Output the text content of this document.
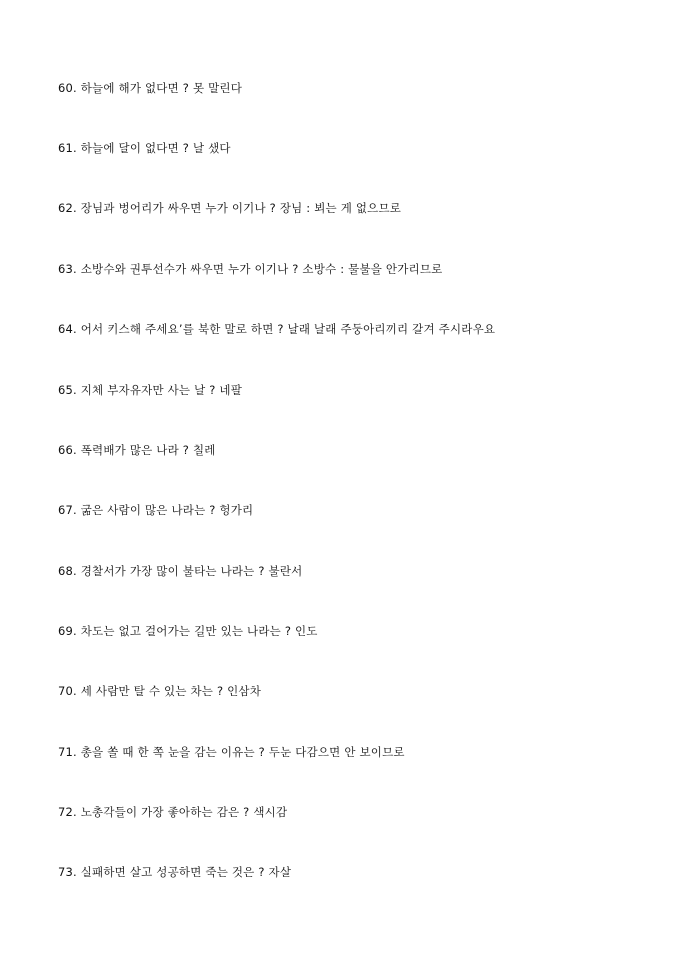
60. 하늘에 해가 없다면 ? 못 말린다
61. 하늘에 달이 없다면 ? 날 샜다
62. 장님과 벙어리가 싸우면 누가 이기나 ? 장님 : 뵈는 게 없으므로
63. 소방수와 권투선수가 싸우면 누가 이기나 ? 소방수 : 물불을 안가리므로
64. 어서 키스해 주세요’를 북한 말로 하면 ? 날래 날래 주둥아리끼리 갈겨 주시라우요
65. 지체 부자유자만 사는 날 ? 네팔
66. 폭력배가 많은 나라 ? 칠레
67. 굶은 사람이 많은 나라는 ? 헝가리
68. 경찰서가 가장 많이 불타는 나라는 ? 불란서
69. 차도는 없고 걸어가는 길만 있는 나라는 ? 인도
70. 세 사람만 탈 수 있는 차는 ? 인삼차
71. 총을 쏠 때 한 쪽 눈을 감는 이유는 ? 두눈 다감으면 안 보이므로
72. 노총각들이 가장 좋아하는 감은 ? 색시감
73. 실패하면 살고 성공하면 죽는 것은 ? 자살
